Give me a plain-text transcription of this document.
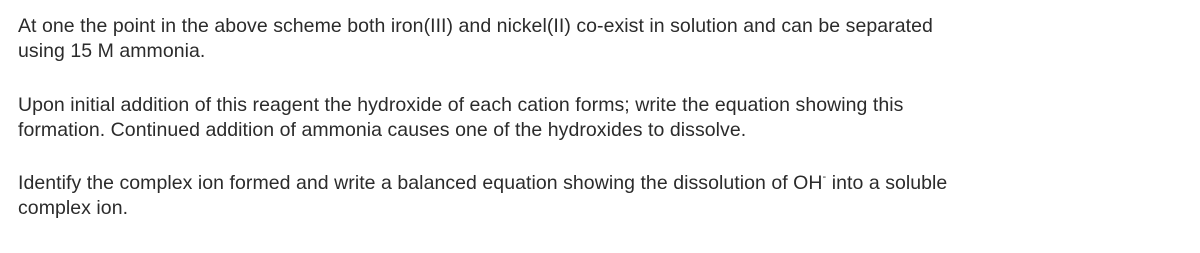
At one the point in the above scheme both iron(III) and nickel(II) co-exist in solution and can be separated
using 15 M ammonia.

Upon initial addition of this reagent the hydroxide of each cation forms; write the equation showing this
formation. Continued addition of ammonia causes one of the hydroxides to dissolve.

Identify the complex ion formed and write a balanced equation showing the dissolution of OH- into a soluble
complex ion.
